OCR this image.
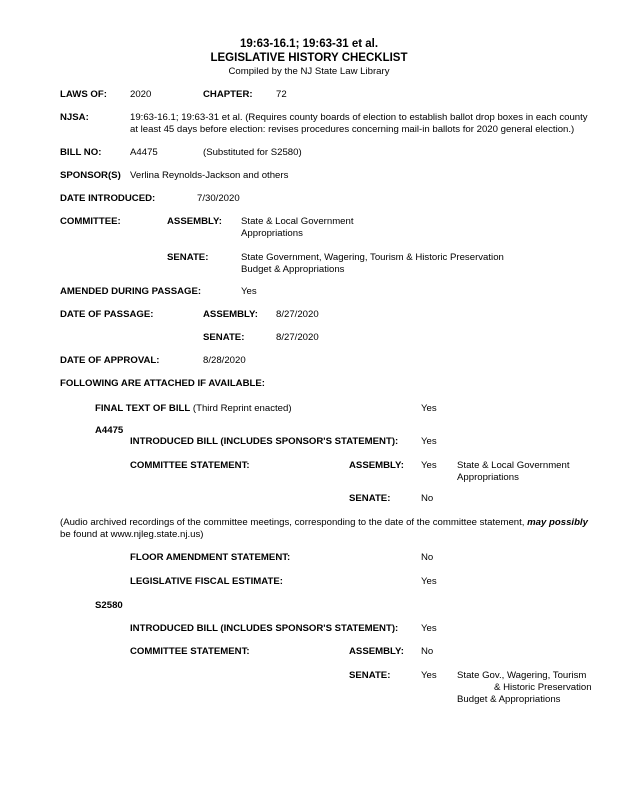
19:63-16.1; 19:63-31 et al.
LEGISLATIVE HISTORY CHECKLIST
Compiled by the NJ State Law Library
LAWS OF: 2020	CHAPTER: 72
NJSA:	19:63-16.1; 19:63-31 et al. (Requires county boards of election to establish ballot drop boxes in each county
at least 45 days before election: revises procedures concerning mail-in ballots for 2020 general election.)
BILL NO:	A4475	(Substituted for S2580)
SPONSOR(S) Verlina Reynolds-Jackson and others
DATE INTRODUCED:	7/30/2020
COMMITTEE:	ASSEMBLY: State & Local Government
Appropriations
SENATE:	State Government, Wagering, Tourism & Historic Preservation
Budget & Appropriations
AMENDED DURING PASSAGE:	Yes
DATE OF PASSAGE:	ASSEMBLY: 8/27/2020
SENATE:	8/27/2020
DATE OF APPROVAL:	8/28/2020
FOLLOWING ARE ATTACHED IF AVAILABLE:
FINAL TEXT OF BILL (Third Reprint enacted)	Yes
A4475
INTRODUCED BILL (INCLUDES SPONSOR'S STATEMENT): Yes
COMMITTEE STATEMENT:	ASSEMBLY: Yes State & Local Government
Appropriations
SENATE:	No
(Audio archived recordings of the committee meetings, corresponding to the date of the committee statement, may possibly
be found at www.njleg.state.nj.us)
FLOOR AMENDMENT STATEMENT:	No
LEGISLATIVE FISCAL ESTIMATE:	Yes
S2580
INTRODUCED BILL (INCLUDES SPONSOR'S STATEMENT): Yes
COMMITTEE STATEMENT:	ASSEMBLY: No
SENATE:	Yes State Gov., Wagering, Tourism
& Historic Preservation
Budget & Appropriations
